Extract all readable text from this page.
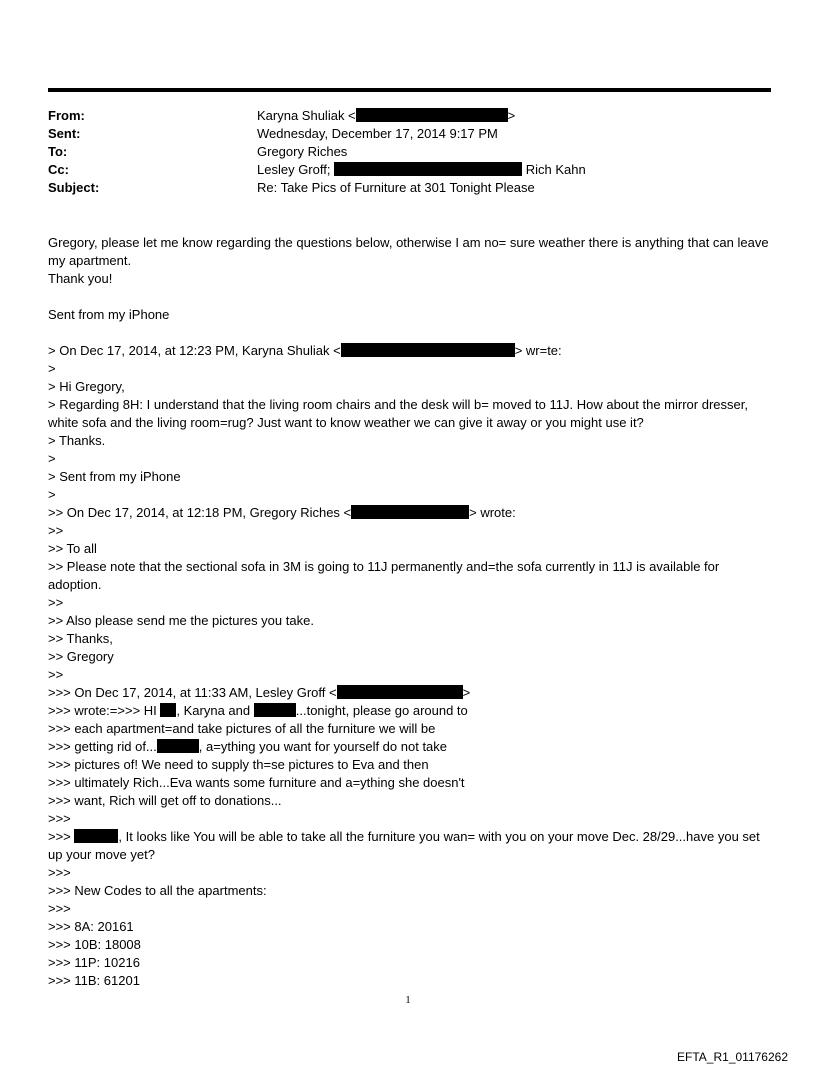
From:	Karyna Shuliak <	>
Sent:	Wednesday, December 17, 2014 9:17 PM
To:	Gregory Riches
Cc:	Lesley Groff;	Rich Kahn
Subject:	Re: Take Pics of Furniture at 301 Tonight Please
Gregory, please let me know regarding the questions below, otherwise I am no= sure weather there is anything that can leave my apartment.
Thank you!
Sent from my iPhone
> On Dec 17, 2014, at 12:23 PM, Karyna Shuliak <	> wr=te:
>
> Hi Gregory,
> Regarding 8H: I understand that the living room chairs and the desk will b= moved to 11J. How about the mirror dresser, white sofa and the living room=rug? Just want to know weather we can give it away or you might use it?
> Thanks.
>
> Sent from my iPhone
>
>> On Dec 17, 2014, at 12:18 PM, Gregory Riches <	> wrote:
>>
>> To all
>> Please note that the sectional sofa in 3M is going to 11J permanently and=the sofa currently in 11J is available for adoption.
>>
>> Also please send me the pictures you take.
>> Thanks,
>> Gregory
>>
>>> On Dec 17, 2014, at 11:33 AM, Lesley Groff <	>
>>> wrote:=>>> HI , Karyna and	...tonight, please go around to
>>> each apartment=and take pictures of all the furniture we will be
>>> getting rid of...	, a=ything you want for yourself do not take
>>> pictures of! We need to supply th=se pictures to Eva and then
>>> ultimately Rich...Eva wants some furniture and a=ything she doesn't
>>> want, Rich will get off to donations...
>>>
>>>	, It looks like You will be able to take all the furniture you wan= with you on your move Dec. 28/29...have you set up your move yet?
>>>
>>> New Codes to all the apartments:
>>>
>>> 8A: 20161
>>> 10B: 18008
>>> 11P: 10216
>>> 11B: 61201
1
EFTA_R1_01176262
